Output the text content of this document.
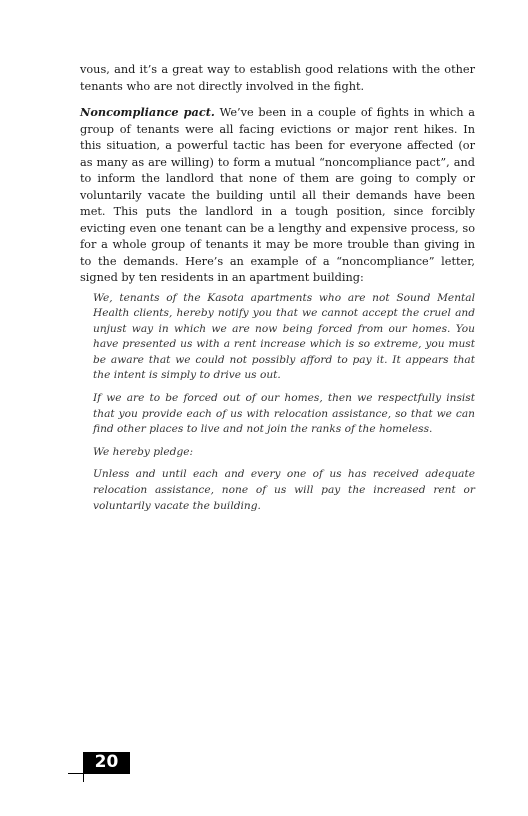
vous, and it’s a great way to establish good relations with the other tenants who are not directly involved in the fight.

Noncompliance pact. We’ve been in a couple of fights in which a group of tenants were all facing evictions or major rent hikes. In this situation, a powerful tactic has been for everyone affected (or as many as are willing) to form a mutual “noncompliance pact”, and to inform the landlord that none of them are going to comply or voluntarily vacate the building until all their demands have been met. This puts the landlord in a tough position, since forcibly evicting even one tenant can be a lengthy and expensive process, so for a whole group of tenants it may be more trouble than giving in to the demands. Here’s an example of a “noncompliance” letter, signed by ten residents in an apartment building:

We, tenants of the Kasota apartments who are not Sound Mental Health clients, hereby notify you that we cannot accept the cruel and unjust way in which we are now being forced from our homes. You have presented us with a rent increase which is so extreme, you must be aware that we could not possibly afford to pay it. It appears that the intent is simply to drive us out.

If we are to be forced out of our homes, then we respectfully insist that you provide each of us with relocation assistance, so that we can find other places to live and not join the ranks of the homeless.

We hereby pledge:

Unless and until each and every one of us has received adequate relocation assistance, none of us will pay the increased rent or voluntarily vacate the building.

20
